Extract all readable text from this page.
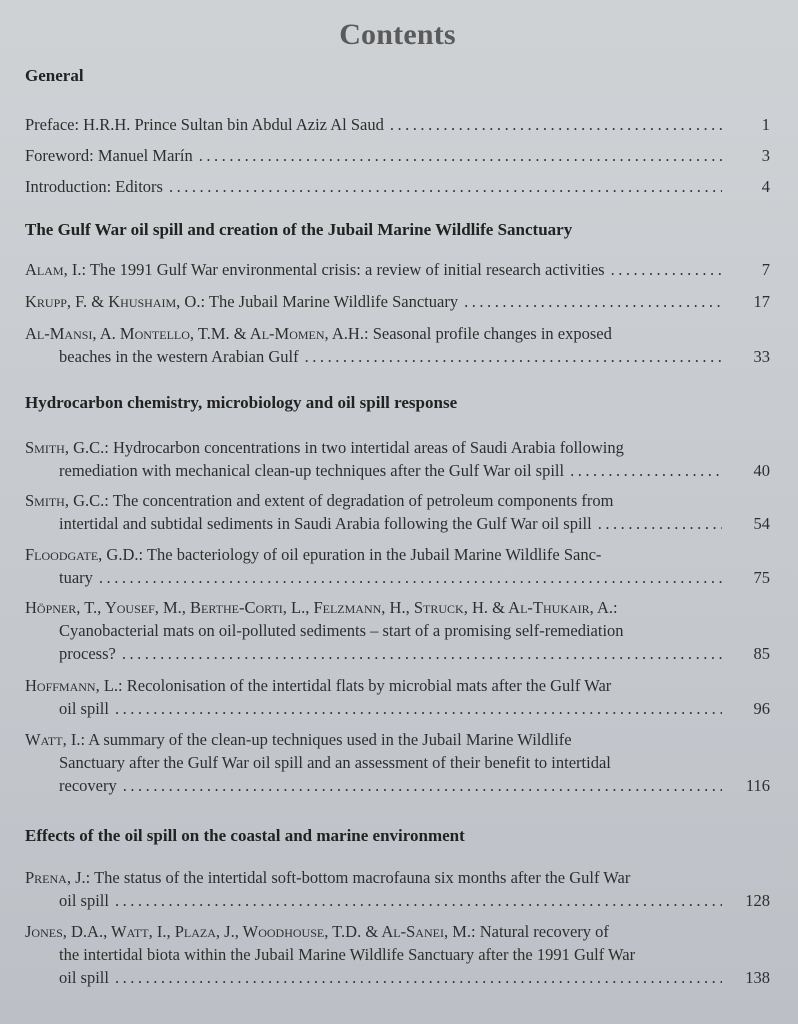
Contents
General
Preface: H.R.H. Prince Sultan bin Abdul Aziz Al Saud . . .	1
Foreword: Manuel Marín . . .	3
Introduction: Editors . . .	4
The Gulf War oil spill and creation of the Jubail Marine Wildlife Sanctuary
Alam, I.: The 1991 Gulf War environmental crisis: a review of initial research activities . . .	7
Krupp, F. & Khushaim, O.: The Jubail Marine Wildlife Sanctuary . . .	17
Al-Mansi, A. Montello, T.M. & Al-Momen, A.H.: Seasonal profile changes in exposed
beaches in the western Arabian Gulf . . .	33
Hydrocarbon chemistry, microbiology and oil spill response
Smith, G.C.: Hydrocarbon concentrations in two intertidal areas of Saudi Arabia following
remediation with mechanical clean-up techniques after the Gulf War oil spill . . .	40
Smith, G.C.: The concentration and extent of degradation of petroleum components from
intertidal and subtidal sediments in Saudi Arabia following the Gulf War oil spill . . .	54
Floodgate, G.D.: The bacteriology of oil epuration in the Jubail Marine Wildlife Sanc-
tuary . . .	75
Höpner, T., Yousef, M., Berthe-Corti, L., Felzmann, H., Struck, H. & Al-Thukair, A.:
Cyanobacterial mats on oil-polluted sediments – start of a promising self-remediation
process? . . .	85
Hoffmann, L.: Recolonisation of the intertidal flats by microbial mats after the Gulf War
oil spill . . .	96
Watt, I.: A summary of the clean-up techniques used in the Jubail Marine Wildlife
Sanctuary after the Gulf War oil spill and an assessment of their benefit to intertidal
recovery . . .	116
Effects of the oil spill on the coastal and marine environment
Prena, J.: The status of the intertidal soft-bottom macrofauna six months after the Gulf War
oil spill . . .	128
Jones, D.A., Watt, I., Plaza, J., Woodhouse, T.D. & Al-Sanei, M.: Natural recovery of
the intertidal biota within the Jubail Marine Wildlife Sanctuary after the 1991 Gulf War
oil spill . . .	138
